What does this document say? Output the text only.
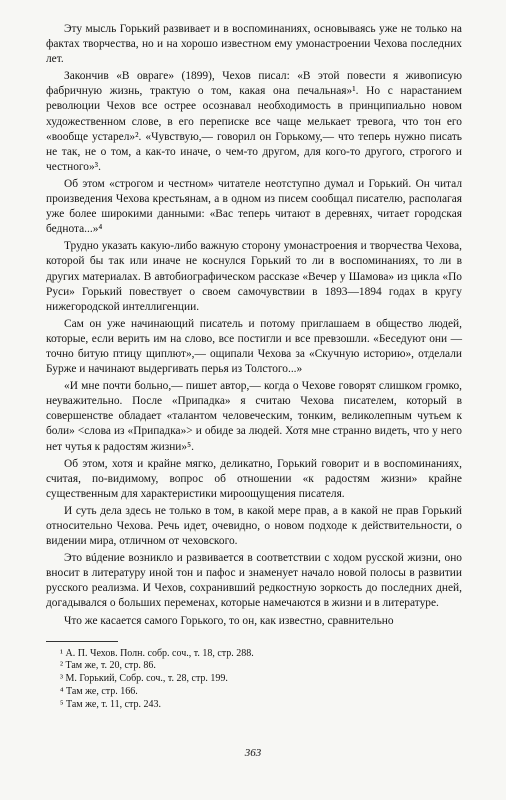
Эту мысль Горький развивает и в воспоминаниях, основываясь уже не только на фактах творчества, но и на хорошо известном ему умонастроении Чехова последних лет.

Закончив «В овраге» (1899), Чехов писал: «В этой повести я живописую фабричную жизнь, трактую о том, какая она печальная»¹. Но с нарастанием революции Чехов все острее осознавал необходимость в принципиально новом художественном слове, в его переписке все чаще мелькает тревога, что тон его «вообще устарел»². «Чувствую,— говорил он Горькому,— что теперь нужно писать не так, не о том, а как-то иначе, о чем-то другом, для кого-то другого, строгого и честного»³.

Об этом «строгом и честном» читателе неотступно думал и Горький. Он читал произведения Чехова крестьянам, а в одном из писем сообщал писателю, располагая уже более широкими данными: «Вас теперь читают в деревнях, читает городская беднота...»⁴

Трудно указать какую-либо важную сторону умонастроения и творчества Чехова, которой бы так или иначе не коснулся Горький то ли в воспоминаниях, то ли в других материалах. В автобиографическом рассказе «Вечер у Шамова» из цикла «По Руси» Горький повествует о своем самочувствии в 1893—1894 годах в кругу нижегородской интеллигенции.

Сам он уже начинающий писатель и потому приглашаем в общество людей, которые, если верить им на слово, все постигли и все превзошли. «Беседуют они — точно битую птицу щиплют»,— ощипали Чехова за «Скучную историю», отделали Бурже и начинают выдергивать перья из Толстого...»

«И мне почти больно,— пишет автор,— когда о Чехове говорят слишком громко, неуважительно. После «Припадка» я считаю Чехова писателем, который в совершенстве обладает «талантом человеческим, тонким, великолепным чутьем к боли» <слова из «Припадка»> и обиде за людей. Хотя мне странно видеть, что у него нет чутья к радостям жизни»⁵.

Об этом, хотя и крайне мягко, деликатно, Горький говорит и в воспоминаниях, считая, по-видимому, вопрос об отношении «к радостям жизни» крайне существенным для характеристики мироощущения писателя.

И суть дела здесь не только в том, в какой мере прав, а в какой не прав Горький относительно Чехова. Речь идет, очевидно, о новом подходе к действительности, о видении мира, отличном от чеховского.

Это вúдение возникло и развивается в соответствии с ходом русской жизни, оно вносит в литературу иной тон и пафос и знаменует начало новой полосы в развитии русского реализма. И Чехов, сохранивший редкостную зоркость до последних дней, догадывался о больших переменах, которые намечаются в жизни и в литературе.

Что же касается самого Горького, то он, как известно, сравнительно

¹ А. П. Чехов. Полн. собр. соч., т. 18, стр. 288.
² Там же, т. 20, стр. 86.
³ М. Горький, Собр. соч., т. 28, стр. 199.
⁴ Там же, стр. 166.
⁵ Там же, т. 11, стр. 243.
363
